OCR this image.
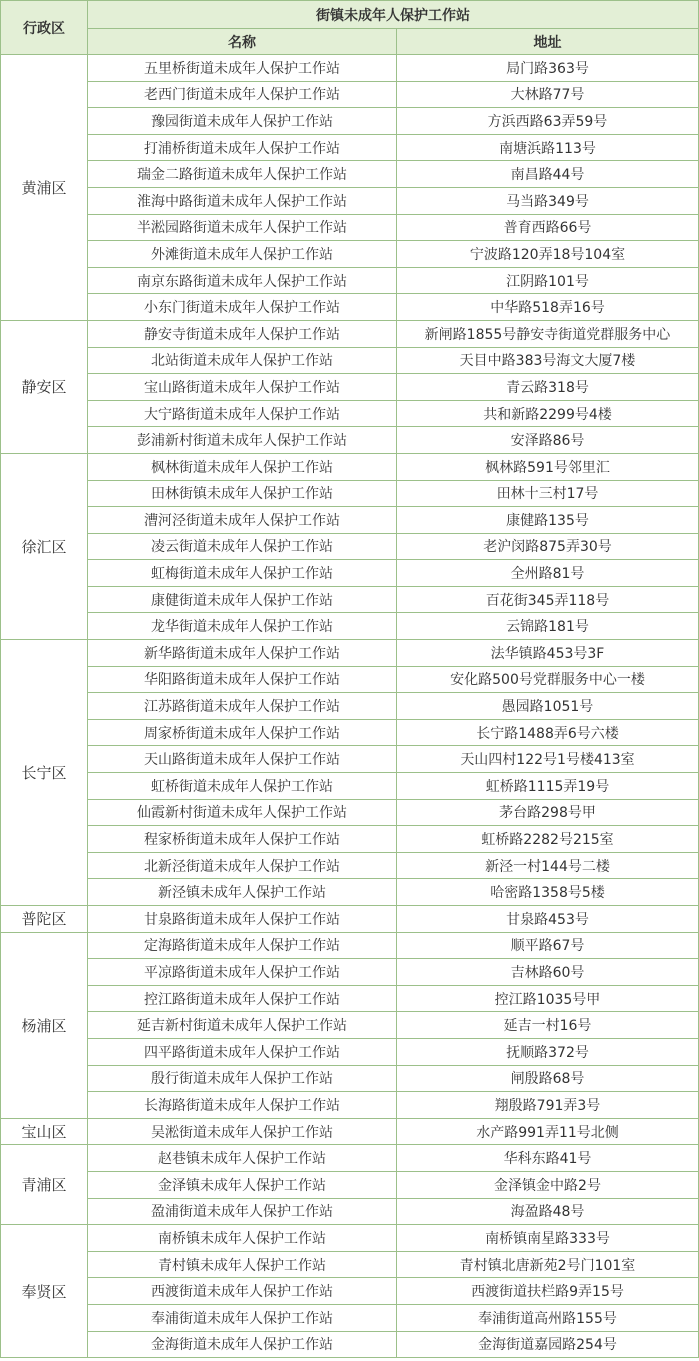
行政区	街镇未成年人保护工作站	
	名称	地址
黄浦区	五里桥街道未成年人保护工作站	局门路363号
	老西门街道未成年人保护工作站	大林路77号
	豫园街道未成年人保护工作站	方浜西路63弄59号
	打浦桥街道未成年人保护工作站	南塘浜路113号
	瑞金二路街道未成年人保护工作站	南昌路44号
	淮海中路街道未成年人保护工作站	马当路349号
	半淞园路街道未成年人保护工作站	普育西路66号
	外滩街道未成年人保护工作站	宁波路120弄18号104室
	南京东路街道未成年人保护工作站	江阴路101号
	小东门街道未成年人保护工作站	中华路518弄16号
静安区	静安寺街道未成年人保护工作站	新闸路1855号静安寺街道党群服务中心
	北站街道未成年人保护工作站	天目中路383号海文大厦7楼
	宝山路街道未成年人保护工作站	青云路318号
	大宁路街道未成年人保护工作站	共和新路2299号4楼
	彭浦新村街道未成年人保护工作站	安泽路86号
徐汇区	枫林街道未成年人保护工作站	枫林路591号邻里汇
	田林街镇未成年人保护工作站	田林十三村17号
	漕河泾街道未成年人保护工作站	康健路135号
	凌云街道未成年人保护工作站	老沪闵路875弄30号
	虹梅街道未成年人保护工作站	全州路81号
	康健街道未成年人保护工作站	百花街345弄118号
	龙华街道未成年人保护工作站	云锦路181号
长宁区	新华路街道未成年人保护工作站	法华镇路453号3F
	华阳路街道未成年人保护工作站	安化路500号党群服务中心一楼
	江苏路街道未成年人保护工作站	愚园路1051号
	周家桥街道未成年人保护工作站	长宁路1488弄6号六楼
	天山路街道未成年人保护工作站	天山四村122号1号楼413室
	虹桥街道未成年人保护工作站	虹桥路1115弄19号
	仙霞新村街道未成年人保护工作站	茅台路298号甲
	程家桥街道未成年人保护工作站	虹桥路2282号215室
	北新泾街道未成年人保护工作站	新泾一村144号二楼
	新泾镇未成年人保护工作站	哈密路1358号5楼
普陀区	甘泉路街道未成年人保护工作站	甘泉路453号
杨浦区	定海路街道未成年人保护工作站	顺平路67号
	平凉路街道未成年人保护工作站	吉林路60号
	控江路街道未成年人保护工作站	控江路1035号甲
	延吉新村街道未成年人保护工作站	延吉一村16号
	四平路街道未成年人保护工作站	抚顺路372号
	殷行街道未成年人保护工作站	闸殷路68号
	长海路街道未成年人保护工作站	翔殷路791弄3号
宝山区	吴淞街道未成年人保护工作站	水产路991弄11号北侧
青浦区	赵巷镇未成年人保护工作站	华科东路41号
	金泽镇未成年人保护工作站	金泽镇金中路2号
	盈浦街道未成年人保护工作站	海盈路48号
奉贤区	南桥镇未成年人保护工作站	南桥镇南星路333号
	青村镇未成年人保护工作站	青村镇北唐新苑2号门101室
	西渡街道未成年人保护工作站	西渡街道扶栏路9弄15号
	奉浦街道未成年人保护工作站	奉浦街道高州路155号
	金海街道未成年人保护工作站	金海街道嘉园路254号
